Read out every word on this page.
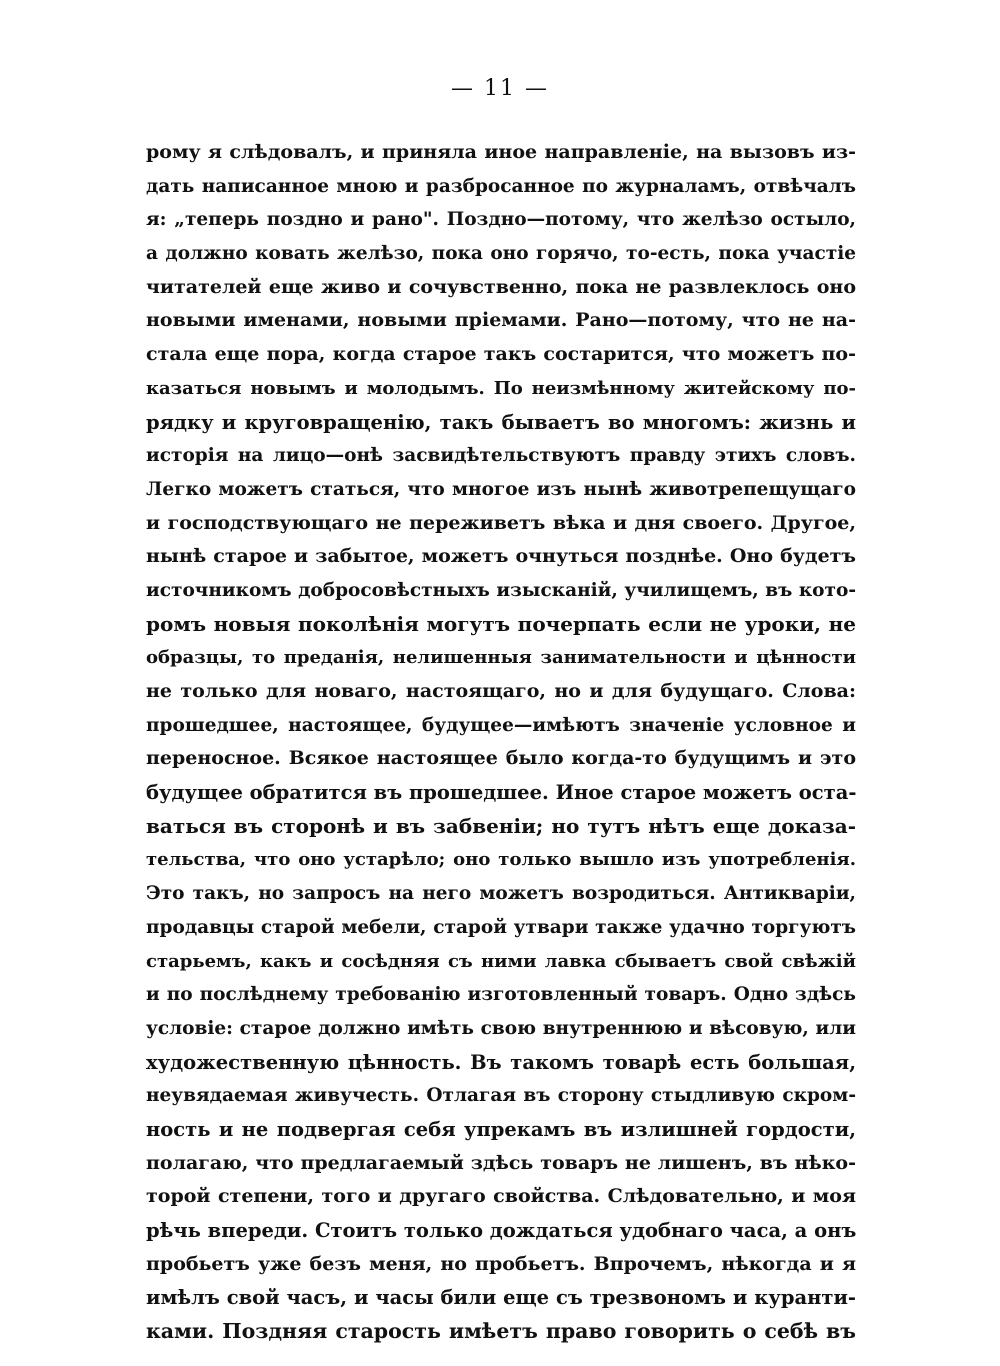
— 11 —
рому я слѣдовалъ, и приняла иное направленіе, на вызовъ из-
дать написанное мною и разбросанное по журналамъ, отвѣчалъ
я: „теперь поздно и рано". Поздно—потому, что желѣзо остыло,
а должно ковать желѣзо, пока оно горячо, то-есть, пока участіе
читателей еще живо и сочувственно, пока не развлеклось оно
новыми именами, новыми пріемами. Рано—потому, что не на-
стала еще пора, когда старое такъ состарится, что можетъ по-
казаться новымъ и молодымъ. По неизмѣнному житейскому по-
рядку и круговращенію, такъ бываетъ во многомъ: жизнь и
исторія на лицо—онѣ засвидѣтельствуютъ правду этихъ словъ.
Легко можетъ статься, что многое изъ нынѣ животрепещущаго
и господствующаго не переживетъ вѣка и дня своего. Другое,
нынѣ старое и забытое, можетъ очнуться позднѣе. Оно будетъ
источникомъ добросовѣстныхъ изысканій, училищемъ, въ кото-
ромъ новыя поколѣнія могутъ почерпать если не уроки, не
образцы, то преданія, нелишенныя занимательности и цѣнности
не только для новаго, настоящаго, но и для будущаго. Слова:
прошедшее, настоящее, будущее—имѣютъ значеніе условное и
переносное. Всякое настоящее было когда-то будущимъ и это
будущее обратится въ прошедшее. Иное старое можетъ оста-
ваться въ сторонѣ и въ забвеніи; но тутъ нѣтъ еще доказа-
тельства, что оно устарѣло; оно только вышло изъ употребленія.
Это такъ, но запросъ на него можетъ возродиться. Антикваріи,
продавцы старой мебели, старой утвари также удачно торгуютъ
старьемъ, какъ и сосѣдняя съ ними лавка сбываетъ свой свѣжій
и по послѣднему требованію изготовленный товаръ. Одно здѣсь
условіе: старое должно имѣть свою внутреннюю и вѣсовую, или
художественную цѣнность. Въ такомъ товарѣ есть большая,
неувядаемая живучесть. Отлагая въ сторону стыдливую скром-
ность и не подвергая себя упрекамъ въ излишней гордости,
полагаю, что предлагаемый здѣсь товаръ не лишенъ, въ нѣко-
торой степени, того и другаго свойства. Слѣдовательно, и моя
рѣчь впереди. Стоитъ только дождаться удобнаго часа, а онъ
пробьетъ уже безъ меня, но пробьетъ. Впрочемъ, нѣкогда и я
имѣлъ свой часъ, и часы били еще съ трезвономъ и куранти-
ками. Поздняя старость имѣетъ право говорить о себѣ въ
